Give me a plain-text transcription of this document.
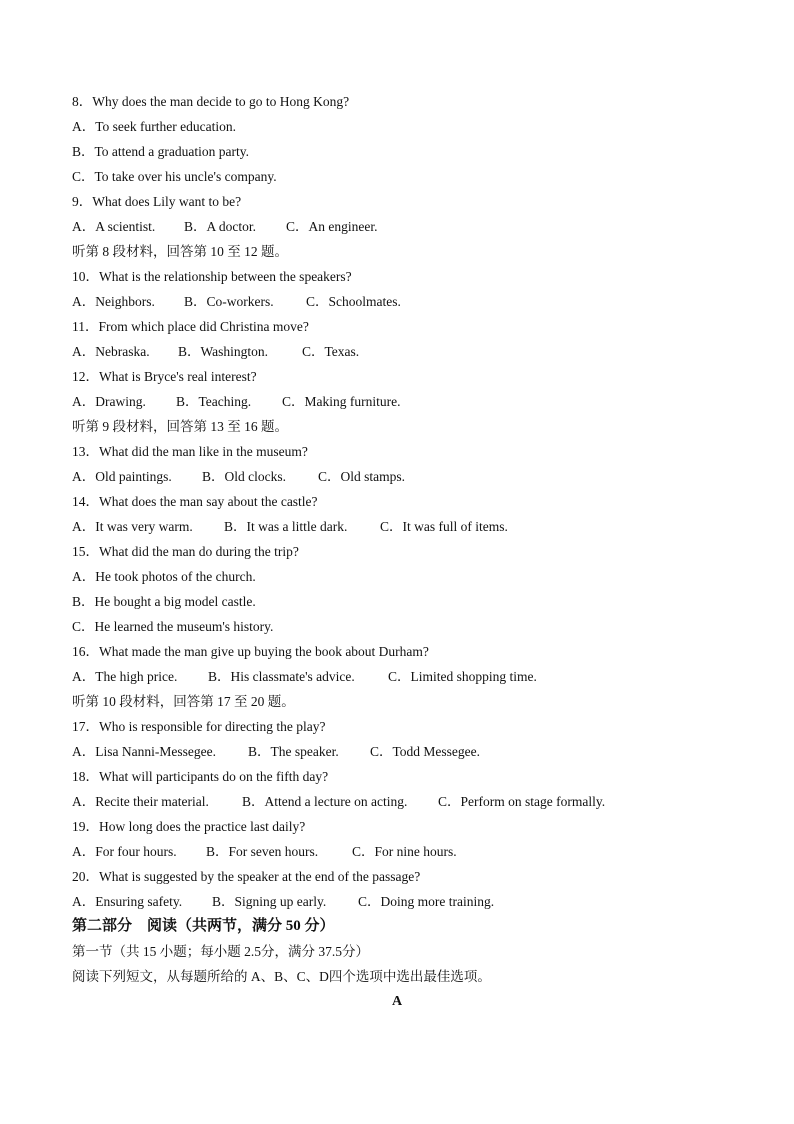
8．Why does the man decide to go to Hong Kong?
A．To seek further education.
B．To attend a graduation party.
C．To take over his uncle's company.
9．What does Lily want to be?
A．A scientist. B．A doctor. C．An engineer.
听第 8 段材料，回答第 10 至 12 题。
10．What is the relationship between the speakers?
A．Neighbors. B．Co-workers. C．Schoolmates.
11．From which place did Christina move?
A．Nebraska. B．Washington.	C．Texas.
12．What is Bryce's real interest?
A．Drawing. B．Teaching. C．Making furniture.
听第 9 段材料，回答第 13 至 16 题。
13．What did the man like in the museum?
A．Old paintings. B．Old clocks. C．Old stamps.
14．What does the man say about the castle?
A．It was very warm. B．It was a little dark. C．It was full of items.
15．What did the man do during the trip?
A．He took photos of the church.
B．He bought a big model castle.
C．He learned the museum's history.
16．What made the man give up buying the book about Durham?
A．The high price. B．His classmate's advice. C．Limited shopping time.
听第 10 段材料，回答第 17 至 20 题。
17．Who is responsible for directing the play?
A．Lisa Nanni-Messegee. B．The speaker. C．Todd Messegee.
18．What will participants do on the fifth day?
A．Recite their material. B．Attend a lecture on acting. C．Perform on stage formally.
19．How long does the practice last daily?
A．For four hours. B．For seven hours.	C．For nine hours.
20．What is suggested by the speaker at the end of the passage?
A．Ensuring safety. B．Signing up early. C．Doing more training.
第二部分　阅读（共两节，满分 50 分）
第一节（共 15 小题；每小题 2.5分，满分 37.5分）
阅读下列短文，从每题所给的 A、B、C、D四个选项中选出最佳选项。
A
